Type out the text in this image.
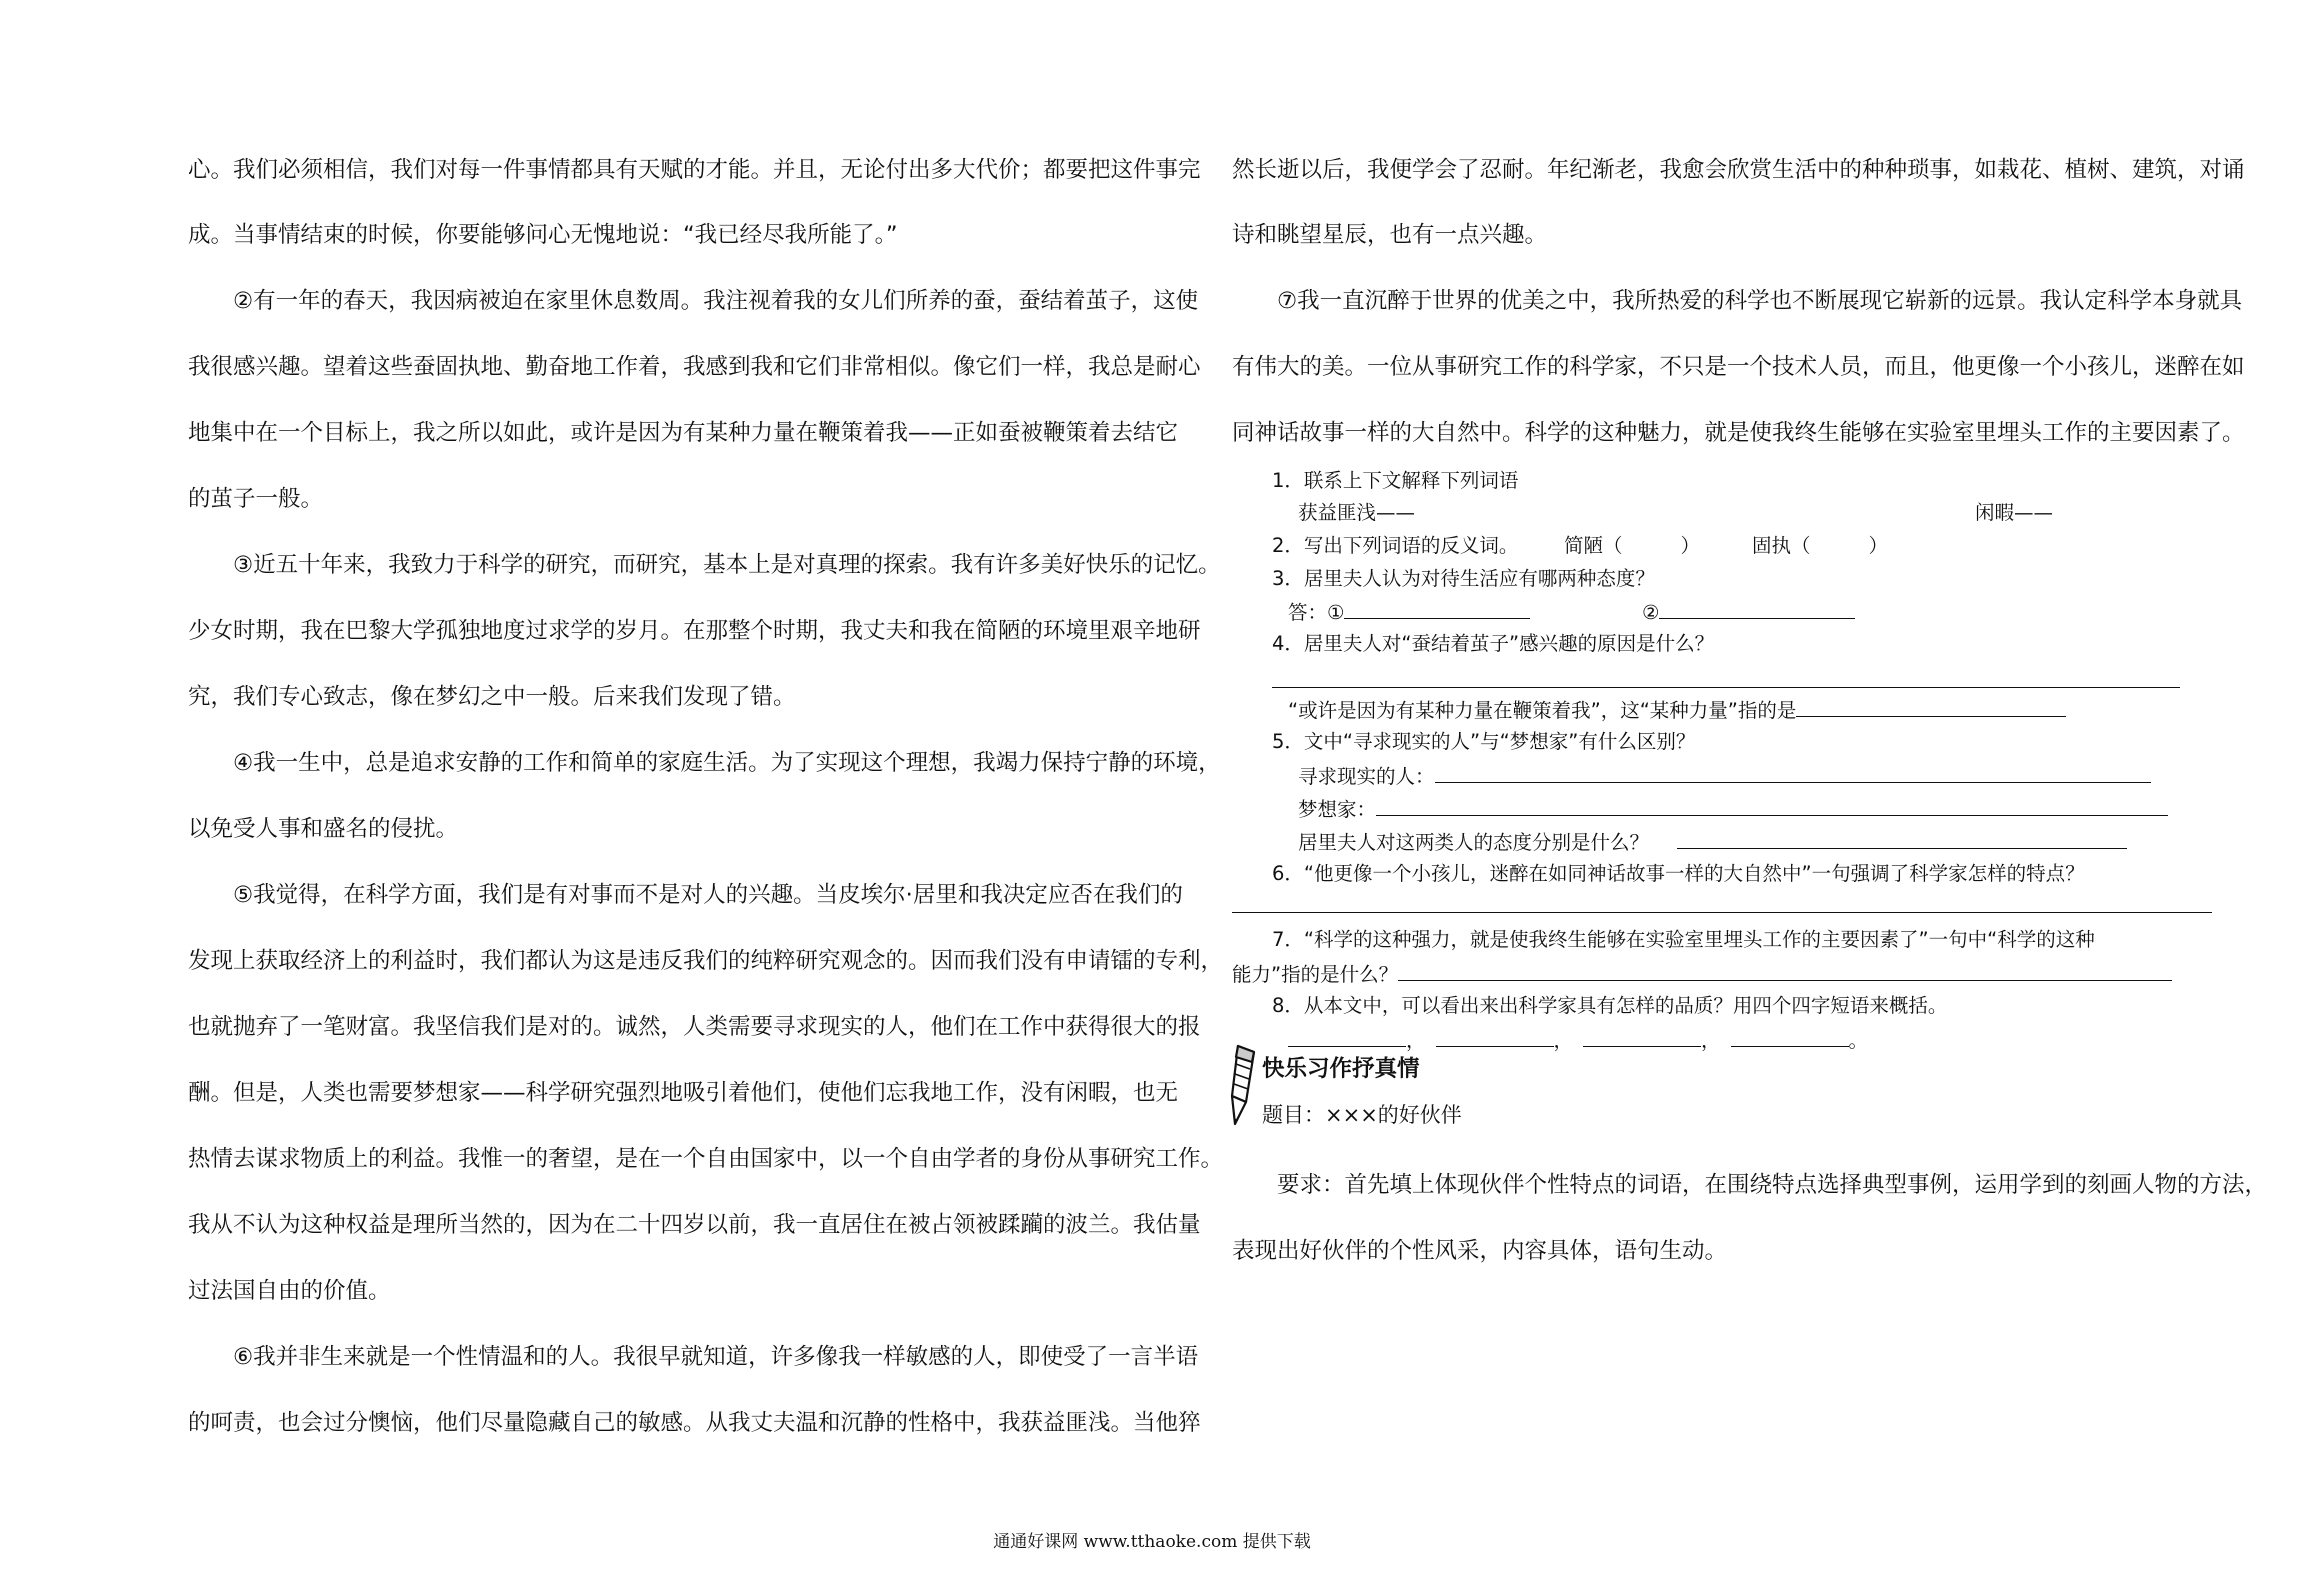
心。我们必须相信，我们对每一件事情都具有天赋的才能。并且，无论付出多大代价；都要把这件事完
成。当事情结束的时候，你要能够问心无愧地说：“我已经尽我所能了。”
②有一年的春天，我因病被迫在家里休息数周。我注视着我的女儿们所养的蚕，蚕结着茧子，这使
我很感兴趣。望着这些蚕固执地、勤奋地工作着，我感到我和它们非常相似。像它们一样，我总是耐心
地集中在一个目标上，我之所以如此，或许是因为有某种力量在鞭策着我——正如蚕被鞭策着去结它
的茧子一般。
③近五十年来，我致力于科学的研究，而研究，基本上是对真理的探索。我有许多美好快乐的记忆。
少女时期，我在巴黎大学孤独地度过求学的岁月。在那整个时期，我丈夫和我在简陋的环境里艰辛地研
究，我们专心致志，像在梦幻之中一般。后来我们发现了错。
④我一生中，总是追求安静的工作和简单的家庭生活。为了实现这个理想，我竭力保持宁静的环境，
以免受人事和盛名的侵扰。
⑤我觉得，在科学方面，我们是有对事而不是对人的兴趣。当皮埃尔·居里和我决定应否在我们的
发现上获取经济上的利益时，我们都认为这是违反我们的纯粹研究观念的。因而我们没有申请镭的专利，
也就抛弃了一笔财富。我坚信我们是对的。诚然，人类需要寻求现实的人，他们在工作中获得很大的报
酬。但是，人类也需要梦想家——科学研究强烈地吸引着他们，使他们忘我地工作，没有闲暇，也无
热情去谋求物质上的利益。我惟一的奢望，是在一个自由国家中，以一个自由学者的身份从事研究工作。
我从不认为这种权益是理所当然的，因为在二十四岁以前，我一直居住在被占领被蹂躏的波兰。我估量
过法国自由的价值。
⑥我并非生来就是一个性情温和的人。我很早就知道，许多像我一样敏感的人，即使受了一言半语
的呵责，也会过分懊恼，他们尽量隐藏自己的敏感。从我丈夫温和沉静的性格中，我获益匪浅。当他猝
然长逝以后，我便学会了忍耐。年纪渐老，我愈会欣赏生活中的种种琐事，如栽花、植树、建筑，对诵
诗和眺望星辰，也有一点兴趣。
⑦我一直沉醉于世界的优美之中，我所热爱的科学也不断展现它崭新的远景。我认定科学本身就具
有伟大的美。一位从事研究工作的科学家，不只是一个技术人员，而且，他更像一个小孩儿，迷醉在如
同神话故事一样的大自然中。科学的这种魅力，就是使我终生能够在实验室里埋头工作的主要因素了。
1．联系上下文解释下列词语
获益匪浅——	闲暇——
2．写出下列词语的反义词。 简陋（	）	固执（	）
3．居里夫人认为对待生活应有哪两种态度？
答：①	②
4．居里夫人对“蚕结着茧子”感兴趣的原因是什么？
“或许是因为有某种力量在鞭策着我”，这“某种力量”指的是
5．文中“寻求现实的人”与“梦想家”有什么区别？
寻求现实的人：
梦想家：
居里夫人对这两类人的态度分别是什么？
6．“他更像一个小孩儿，迷醉在如同神话故事一样的大自然中”一句强调了科学家怎样的特点？
7．“科学的这种强力，就是使我终生能够在实验室里埋头工作的主要因素了”一句中“科学的这种
能力”指的是什么？
8．从本文中，可以看出来出科学家具有怎样的品质？用四个四字短语来概括。
，	，	，	。
快乐习作抒真情
题目：×××的好伙伴
要求：首先填上体现伙伴个性特点的词语，在围绕特点选择典型事例，运用学到的刻画人物的方法，
表现出好伙伴的个性风采，内容具体，语句生动。
通通好课网 www.tthaoke.com 提供下载
